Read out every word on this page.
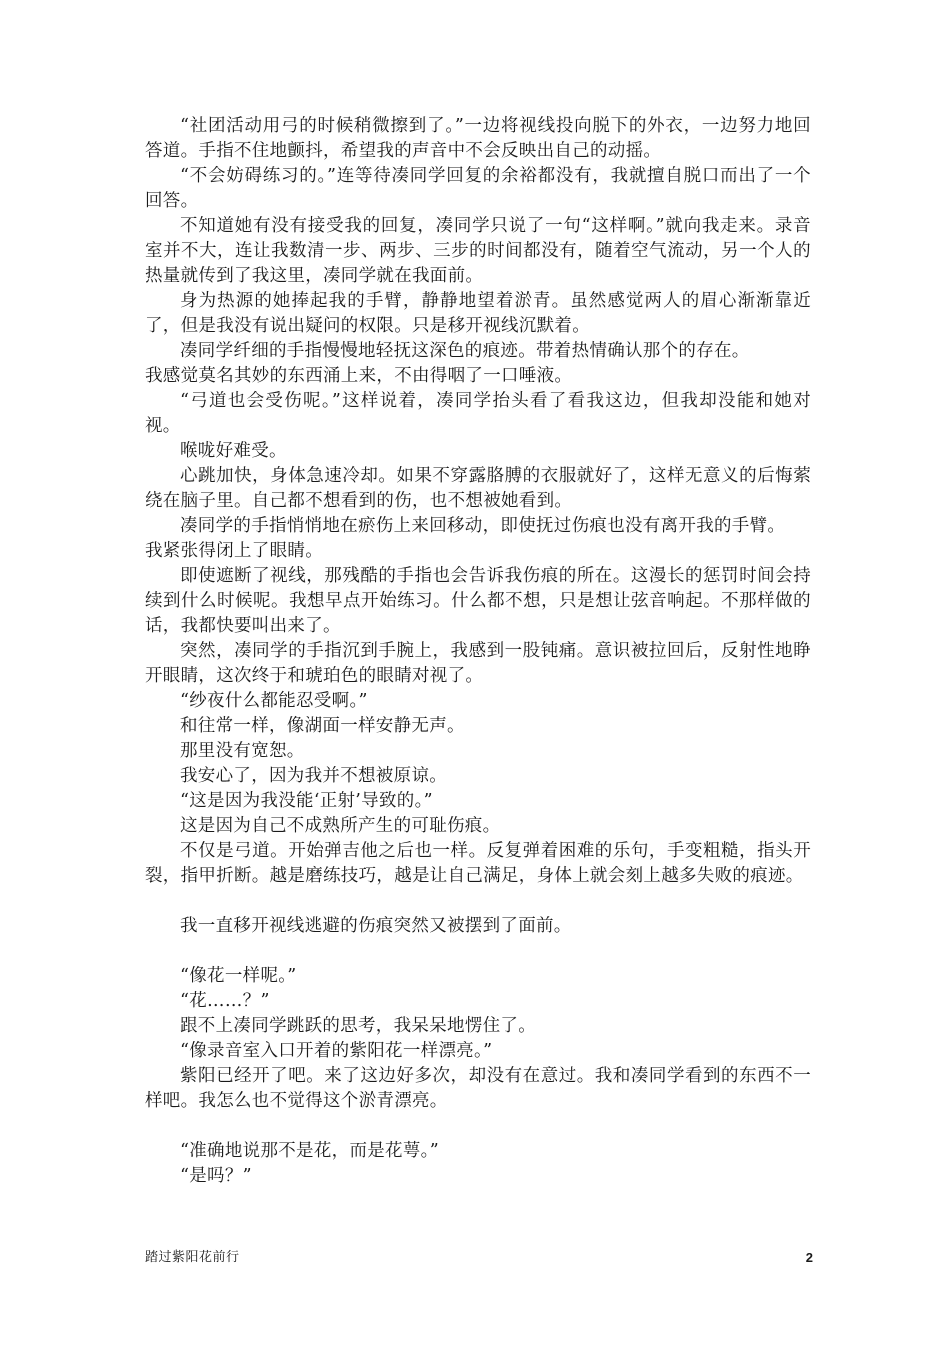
“社团活动用弓的时候稍微擦到了。”一边将视线投向脱下的外衣，一边努力地回答道。手指不住地颤抖，希望我的声音中不会反映出自己的动摇。

“不会妨碍练习的。”连等待凑同学回复的余裕都没有，我就擅自脱口而出了一个回答。

不知道她有没有接受我的回复，凑同学只说了一句“这样啊。”就向我走来。录音室并不大，连让我数清一步、两步、三步的时间都没有，随着空气流动，另一个人的热量就传到了我这里，凑同学就在我面前。

身为热源的她捧起我的手臂，静静地望着淤青。虽然感觉两人的眉心渐渐靠近了，但是我没有说出疑问的权限。只是移开视线沉默着。

凑同学纤细的手指慢慢地轻抚这深色的痕迹。带着热情确认那个的存在。

我感觉莫名其妙的东西涌上来，不由得咽了一口唾液。

“弓道也会受伤呢。”这样说着，凑同学抬头看了看我这边，但我却没能和她对视。

喉咙好难受。

心跳加快，身体急速冷却。如果不穿露胳膊的衣服就好了，这样无意义的后悔萦绕在脑子里。自己都不想看到的伤，也不想被她看到。

凑同学的手指悄悄地在瘀伤上来回移动，即使抚过伤痕也没有离开我的手臂。

我紧张得闭上了眼睛。

即使遮断了视线，那残酷的手指也会告诉我伤痕的所在。这漫长的惩罚时间会持续到什么时候呢。我想早点开始练习。什么都不想，只是想让弦音响起。不那样做的话，我都快要叫出来了。

突然，凑同学的手指沉到手腕上，我感到一股钝痛。意识被拉回后，反射性地睁开眼睛，这次终于和琥珀色的眼睛对视了。

“纱夜什么都能忍受啊。”

和往常一样，像湖面一样安静无声。

那里没有宽恕。

我安心了，因为我并不想被原谅。

“这是因为我没能‘正射’导致的。”

这是因为自己不成熟所产生的可耻伤痕。

不仅是弓道。开始弹吉他之后也一样。反复弹着困难的乐句，手变粗糙，指头开裂，指甲折断。越是磨练技巧，越是让自己满足，身体上就会刻上越多失败的痕迹。

我一直移开视线逃避的伤痕突然又被摆到了面前。

“像花一样呢。”

“花……？”

跟不上凑同学跳跃的思考，我呆呆地愣住了。

“像录音室入口开着的紫阳花一样漂亮。”

紫阳已经开了吧。来了这边好多次，却没有在意过。我和凑同学看到的东西不一样吧。我怎么也不觉得这个淤青漂亮。

“准确地说那不是花，而是花萼。”

“是吗？”

踏过紫阳花前行	2
